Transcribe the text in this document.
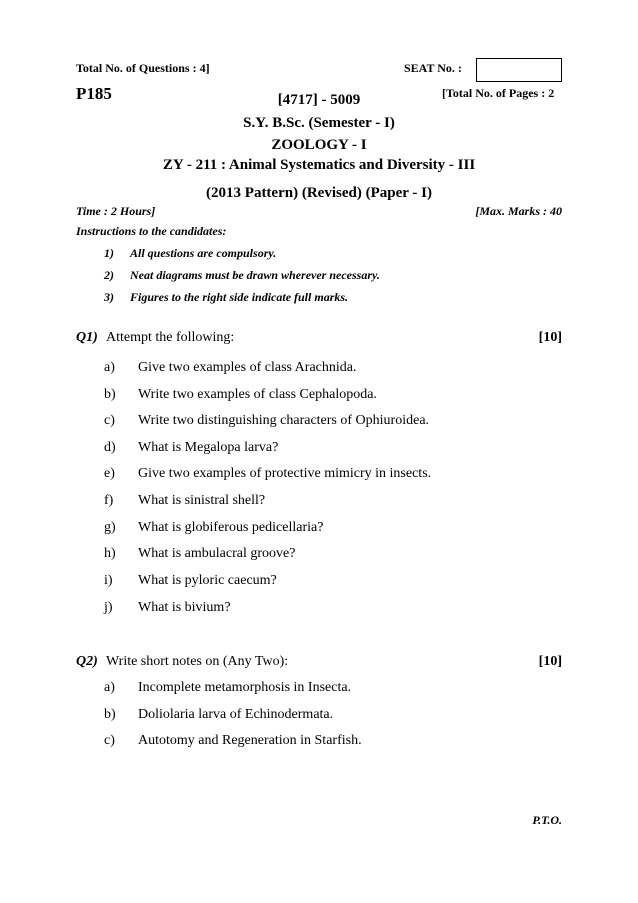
Total No. of Questions : 4]	SEAT No. :
P185	[Total No. of Pages : 2
[4717] - 5009
S.Y. B.Sc. (Semester - I)
ZOOLOGY - I
ZY - 211 : Animal Systematics and Diversity - III
(2013 Pattern) (Revised) (Paper - I)
Time : 2 Hours]	[Max. Marks : 40
Instructions to the candidates:
1) All questions are compulsory.
2) Neat diagrams must be drawn wherever necessary.
3) Figures to the right side indicate full marks.
Q1) Attempt the following:	[10]
a) Give two examples of class Arachnida.
b) Write two examples of class Cephalopoda.
c) Write two distinguishing characters of Ophiuroidea.
d) What is Megalopa larva?
e) Give two examples of protective mimicry in insects.
f) What is sinistral shell?
g) What is globiferous pedicellaria?
h) What is ambulacral groove?
i) What is pyloric caecum?
j) What is bivium?
Q2) Write short notes on (Any Two):	[10]
a) Incomplete metamorphosis in Insecta.
b) Doliolaria larva of Echinodermata.
c) Autotomy and Regeneration in Starfish.
P.T.O.
